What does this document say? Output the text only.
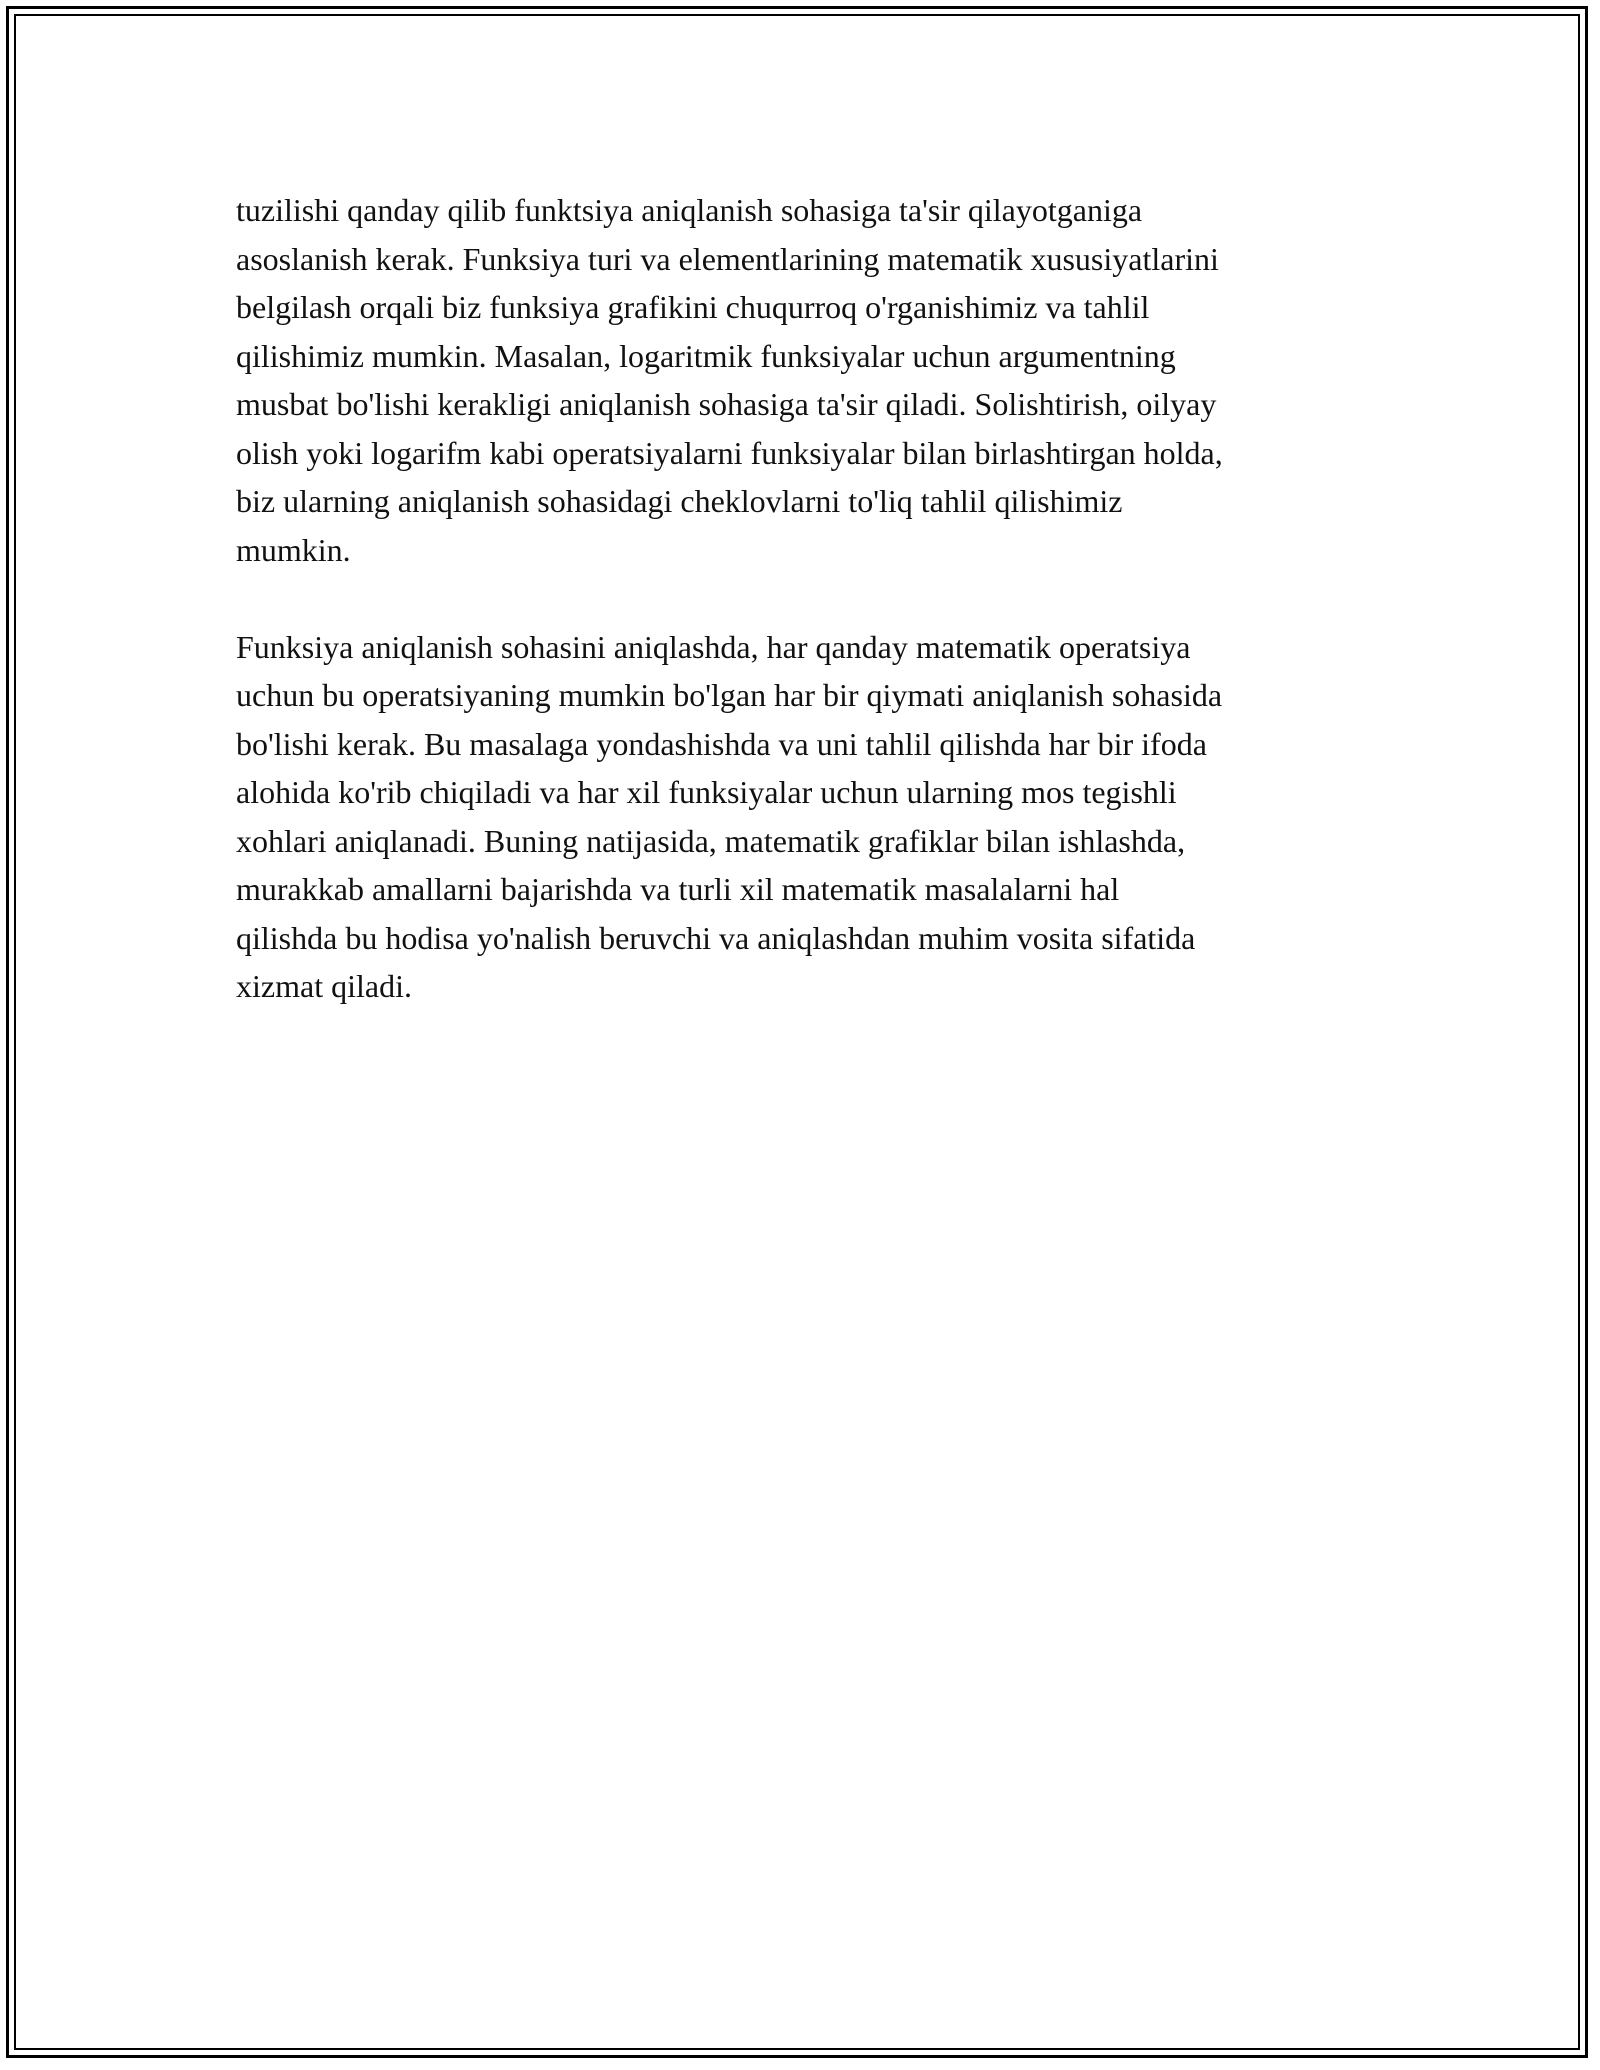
tuzilishi qanday qilib funktsiya aniqlanish sohasiga ta'sir qilayotganiga
asoslanish kerak. Funksiya turi va elementlarining matematik xususiyatlarini
belgilash orqali biz funksiya grafikini chuqurroq o'rganishimiz va tahlil
qilishimiz mumkin. Masalan, logaritmik funksiyalar uchun argumentning
musbat bo'lishi kerakligi aniqlanish sohasiga ta'sir qiladi. Solishtirish, oilyay
olish yoki logarifm kabi operatsiyalarni funksiyalar bilan birlashtirgan holda,
biz ularning aniqlanish sohasidagi cheklovlarni to'liq tahlil qilishimiz
mumkin.

Funksiya aniqlanish sohasini aniqlashda, har qanday matematik operatsiya
uchun bu operatsiyaning mumkin bo'lgan har bir qiymati aniqlanish sohasida
bo'lishi kerak. Bu masalaga yondashishda va uni tahlil qilishda har bir ifoda
alohida ko'rib chiqiladi va har xil funksiyalar uchun ularning mos tegishli
xohlari aniqlanadi. Buning natijasida, matematik grafiklar bilan ishlashda,
murakkab amallarni bajarishda va turli xil matematik masalalarni hal
qilishda bu hodisa yo'nalish beruvchi va aniqlashdan muhim vosita sifatida
xizmat qiladi.
